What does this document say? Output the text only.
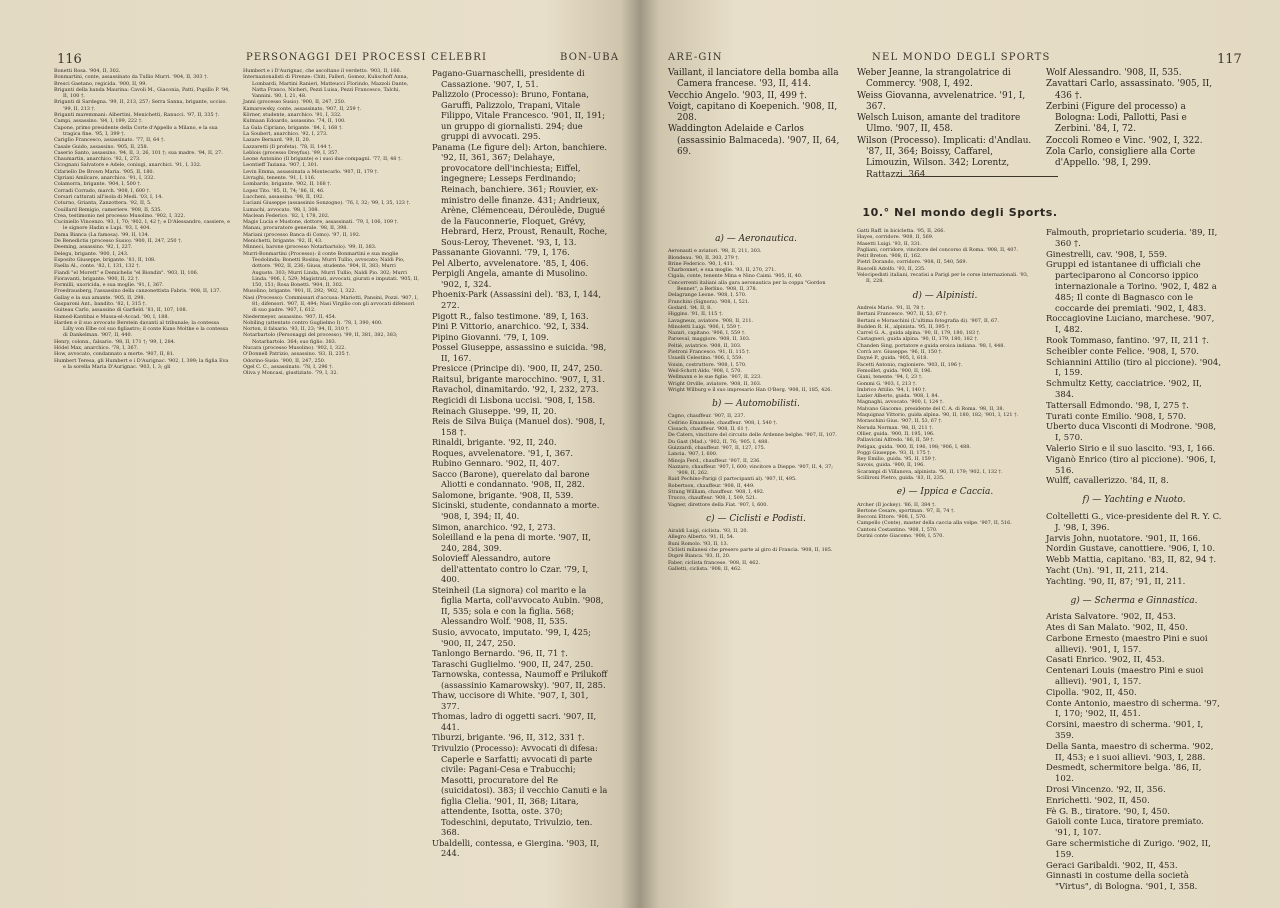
116	PERSONAGGI DEI PROCESSI CELEBRI	BON-UBA

Bonetti Rosa. '904, II, 302.

Bonmartini, conte, assassinato da Tullio Murri. '904, II, 303 †.

Bresci Gaetano, regicida. '900, II, 99.

Briganti della banda Maurina: Cavoli M., Giaconia, Patti, Pupillo P. '94, II, 100 †.

Briganti di Sardegna. '99, II, 213, 257; Serra Sanna, brigante, ucciso. '99, II, 213 †.

Briganti maremmani: Albertini, Menichetti, Ranucci. '97, II, 335 †.

Campi, assassino. '84, I, 199, 222 †.

Capone, primo presidente della Corte d'Appello a Milano, e la sua tragica fine. '95, I, 399 †.

Cariglio Francesco, assassinato. '77, II, 64 †.

Casale Guido, assassino. '905, II, 258.

Caserio Santo, assassino. '94, II, 3, 26, 101 †; sua madre. '94, II, 27.

Chaumartin, anarchico. '92, I, 273.

Cicognani Salvatore e Adele, coniugi, anarchici. '91, I, 332.

Cifariello De Brown Maria. '905, II, 180.

Cipriani Amilcare, anarchico. '91, I, 332.

Colamorra, brigante. '904, I, 500 †.

Corradi Corrado, march. '908, I, 600 †.

Corsari catturati all'isola di Medi. '03, I, 14.

Coturno, Grianta, Zanzottera. '92, II, 5.

Couillard Remigio, cameriere. '908, II, 535.

Crea, testimonio nel processo Musolino. '902, I, 322.

Cuciniello Vincenzo. '93, I, 70; '902, I, 42 †; e D'Alessandro, cassiere, e le signore Hadin e Lupi. '93, I, 404.

Dama Bianca (La famosa). '99, II, 134.

De Benedictis (processo Susio). '900, II, 247, 250 †.

Deeming, assassino. '92, I, 227.

Delegu, brigante. '900, I, 243.

Esposito Giuseppe, brigante. '81, II, 108.

Faella Al., conte. '82, I, 131, 132 †.

Fiandi "el Morett" e Demichelis "el Biondin". '903, II, 106.

Fioravanti, brigante. '900, II, 22 †.

Formilli, uxoricida, e sua moglie. '91, I, 367.

Froedrausberg, l'assassino della canzonettista Fabris. '908, II, 137.

Gallay e la sua amante. '905, II, 298.

Gasparoni Ant., bandito. '82, I, 315 †.

Guiteau Carlo, assassino di Garfield. '81, II, 107, 108.

Hamed-Kantibai e Mussa-el-Accad. '90, I, 188.

Harden e il suo avvocato Berstein davanti al tribunale; la contessa Lilly von Elbe col suo figliastro; il conte Kuno Moltke e la contessa di Dankelman. '907, II, 440.

Henry, colonn., falsario. '98, II, 171 †; '99, I, 284.

Hödel Max, anarchico. '78, I, 367.

How, avvocato, condannato a morte. '907, II, 81.

Humbert Teresa, gli Humbert e i D'Aurignac. '902, I, 399; la figlia Eva e la sorella Maria D'Aurignac. '903, I, 3; gli

Humbert e i D'Aurignac, che ascoltano il verdetto. '903, II, 166.

Internazionalisti di Firenze: Chiti, Falleri, Gomez, Kulischoff Anna, Lombardi, Martini Ranieri, Matteucci Florindo, Mazzoli Dante, Natta Franco, Nicheri, Pezzi Luisa, Pezzi Francesco, Talchi, Vannini. '80, I, 21, 48.

Janni (processo Susio). '900, II, 247, 250.

Kamarowsky, conte, assassinato. '907, II, 259 †.

Körner, studente, anarchico. '91, I, 332.

Kulmaan Edoardo, assassino. '74, II, 100.

La Gala Cipriano, brigante. '84, I, 168 †.

La Soubert, anarchico. '92, I, 273.

Lazare Bernard. '99, II, 20.

Lazzaretti (Il profeta). '78, II, 144 †.

Leblois (processo Dreyfus). '99, I, 357.

Leone Antonino (Il brigante) e i suoi due compagni. '77, II, 48 †.

Leontieff Taziana. '907, I, 301.

Levin Emma, assassinata a Montecarlo. '907, II, 179 †.

Livraghi, tenente. '91, I, 116.

Lombardo, brigante. '902, II, 168 †.

Lopez Tito. '85, II, 74; '86, II, 46.

Luccheni, assassino. '98, II, 192.

Luciani Giuseppe (assassinio Sonzogno). '76, I, 32; '99, I, 35, 123 †.

Lumachi, avvocato. '98, I, 308.

Maclean Federico. '82, I, 178, 202.

Magis Lucia e Mustone, dottore, assassinati. '79, I, 106, 109 †.

Manau, procuratore generale. '98, II, 398.

Mariani (processo Banca di Como). '97, II, 192.

Menichetti, brigante. '92, II, 43.

Minneci, barone (processo Notarbartolo). '99, II, 383.

Murri-Bonmartini (Processo): il conte Bonmartini e sua moglie Teodolinda; Bonetti Rosina; Murri Tullio, avvocato; Naldi Pio, dottore. '902, II, 236; Giuss, studente. '904, II, 383; Murri Augusto. 303; Murri Linda, Murri Tullio, Naldi Pio. 302; Murri Linda. '906, I, 529; Magistrati, avvocati, giurati e imputati. '905, II, 150, 151; Rosa Bonetti. '904, II, 302.

Musolino, brigante. '901, II, 292; '902, I, 322.

Nasi (Processo): Commissari d'accusa: Mariotti, Pansini, Pozzi. '907, I, 81; difensori. '907, II, 494; Nasi Virgilio con gli avvocati difensori di suo padre. '907, I, 612.

Niedermeyer, assassino. '907, II, 454.

Nobiling (attentato contro Guglielmo I). '78, I, 390, 400.

Norton, il falsario. '93, II, 23; '94, II, 310 †.

Notarbartolo (Personaggi del processo). '99, II, 381, 382, 383; Notarbartolo. 364; suo figlio. 383.

Nucara (processo Musolino). '902, I, 322.

O'Donnell Patrizio, assassino. '83, II, 235 †.

Odorino-Susio. '900, II, 247, 250.

Ogel C. C., assassinato. '78, I, 296 †.

Oliva y Moncasi, giustiziato. '79, I, 32.

Pagano-Guarnaschelli, presidente di Cassazione. '907, I, 51.

Palizzolo (Processo): Bruno, Fontana, Garuffi, Palizzolo, Trapani, Vitale Filippo, Vitale Francesco. '901, II, 191; un gruppo di giornalisti. 294; due gruppi di avvocati. 295.

Panama (Le figure del): Arton, banchiere. '92, II, 361, 367; Delahaye, provocatore dell'inchiesta; Eiffel, ingegnere; Lesseps Ferdinando; Reinach, banchiere. 361; Rouvier, ex-ministro delle finanze. 431; Andrieux, Arène, Clémenceau, Déroulède, Dugué de la Fauconnerie, Floquet, Grévy, Hebrard, Herz, Proust, Renault, Roche, Sous-Leroy, Thevenet. '93, I, 13.

Passanante Giovanni. '79, I, 176.

Pel Alberto, avvelenatore. '85, I, 406.

Perpigli Angela, amante di Musolino. '902, I, 324.

Phoenix-Park (Assassini del). '83, I, 144, 272.

Pigott R., falso testimone. '89, I, 163.

Pini P. Vittorio, anarchico. '92, I, 334.

Pipino Giovanni. '79, I, 109.

Possel Giuseppe, assassino e suicida. '98, II, 167.

Presicce (Principe di). '900, II, 247, 250.

Raitsul, brigante marocchino. '907, I, 31.

Ravachol, dinamitardo. '92, I, 232, 273.

Regicidi di Lisbona uccisi. '908, I, 158.

Reinach Giuseppe. '99, II, 20.

Reis de Silva Buiça (Manuel dos). '908, I, 158 †.

Rinaldi, brigante. '92, II, 240.

Roques, avvelenatore. '91, I, 367.

Rubino Gennaro. '902, II, 407.

Sacco (Barone), querelato dal barone Aliotti e condannato. '908, II, 282.

Salomone, brigante. '908, II, 539.

Sicinski, studente, condannato a morte. '908, I, 394; II, 40.

Simon, anarchico. '92, I, 273.

Soleilland e la pena di morte. '907, II, 240, 284, 309.

Solovieff Alessandro, autore dell'attentato contro lo Czar. '79, I, 400.

Steinheil (La signora) col marito e la figlia Marta, coll'avvocato Aubin. '908, II, 535; sola e con la figlia. 568; Alessandro Wolf. '908, II, 535.

Susio, avvocato, imputato. '99, I, 425; '900, II, 247, 250.

Tanlongo Bernardo. '96, II, 71 †.

Taraschi Guglielmo. '900, II, 247, 250.

Tarnowska, contessa, Naumoff e Prilukoff (assassinio Kamarowsky). '907, II, 285.

Thaw, uccisore di White. '907, I, 301, 377.

Thomas, ladro di oggetti sacri. '907, II, 441.

Tiburzi, brigante. '96, II, 312, 331 †.

Trivulzio (Processo): Avvocati di difesa: Caperle e Sarfatti; avvocati di parte civile: Pagani-Cesa e Trabucchi; Masotti, procuratore del Re (suicidatosi). 383; il vecchio Canuti e la figlia Clelia. '901, II, 368; Litara, attendente, Isotta, oste. 370; Todeschini, deputato, Trivulzio, ten. 368.

Ubaldelli, contessa, e Giergina. '903, II, 244.

ARE-GIN	NEL MONDO DEGLI SPORTS	117

Vaillant, il lanciatore della bomba alla Camera francese. '93, II, 414.

Vecchio Angelo. '903, II, 499 †.

Voigt, capitano di Koepenich. '908, II, 208.

Waddington Adelaide e Carlos (assassinio Balmaceda). '907, II, 64, 69.

Weber Jeanne, la strangolatrice di Commercy. '908, I, 492.

Weiss Giovanna, avvelenatrice. '91, I, 367.

Welsch Luison, amante del traditore Ulmo. '907, II, 458.

Wilson (Processo). Implicati: d'Andlau. '87, II, 364; Boissy, Caffarel, Limouzin, Wilson. 342; Lorentz, Rattazzi. 364.

Wolf Alessandro. '908, II, 535.

Zavattari Carlo, assassinato. '905, II, 436 †.

Zerbini (Figure del processo) a Bologna: Lodi, Pallotti, Pasi e Zerbini. '84, I, 72.

Zoccoli Romeo e Vinc. '902, I, 322.

Zola Carlo, consigliere alla Corte d'Appello. '98, I, 299.

10.° Nel mondo degli Sports.

a) — Aeronautica.

Aeronauti e aviatori. '98, II, 211, 303.

Blondeau. '90, II, 303, 279 †.

Brine Federico. '90, I, 411.

Charbonnet, e sua moglie. '93, II, 270, 271.

Cigala, conte, tenente Mina e Nino Caimi. '905, II, 40.

Concorrenti italiani alla gara aeronautica per la coppa "Gordon Bennet", a Berlino. '908, II, 378.

Delagrange Leone. '908, I, 570.

Franchini (Signora). '908, I, 521.

Godard. '84, II, 8.

Higgins. '91, II, 115 †.

Lavagneux, aviatore. '908, II, 211.

Minoletti Luigi. '906, I, 559 †.

Nazari, capitano. '906, I, 559 †.

Parseval, maggiore. '908, II, 303.

Peltié, aviatrice. '908, II, 303.

Pietroni Francesco. '91, II, 115 †.

Usuelli Celestino. '906, I, 559.

Voisin, costruttore. '908, I, 570.

Weil-Schott Aldo. '908, I, 570.

Wellmann e le sue figlie. '907, II, 223.

Wright Orville, aviatore. '908, II, 303.

Wright Wilburg e il suo impresario Han O'Berg. '908, II, 185, 426.

b) — Automobilisti.

Cagno, chauffeur. '907, II, 237.

Cedrino Emanuele, chauffeur. '908, I, 540 †.

Cissach, chauffeur. '908, II, 61 †.

De Caters, vincitore del circuito delle Ardenne belghe. '907, II, 107.

Du Gast (Mad.). '902, II, 76; '905, I, 488.

Guizzardi, chauffeur. '907, II, 127, 175.

Lancia. '907, I, 600.

Minoja Ferd., chauffeur. '907, II, 236.

Nazzaro, chauffeur. '907, I, 600; vincitore a Dieppe. '907, II, 4, 37; '908, II, 262.

Raid Pechino-Parigi (I partecipanti al). '907, II, 495.

Robertson, chauffeur. '908, II, 449.

Strang William, chauffeur. '908, I, 492.

Trucco, chauffeur. '908, I, 509, 521.

Vagner, direttore della Fiat. '907, I, 600.

c) — Ciclisti e Podisti.

Airaldi Luigi, ciclista. '93, II, 20.

Allegro Alberto. '91, II, 54.

Buni Romolo. '93, II, 13.

Ciclisti milanesi che presero parte al giro di Francia. '908, II, 185.

Dupré Bianca. '93, II, 20.

Faber, ciclista francese. '908, II, 462.

Galletti, ciclista. '908, II, 462.

Gatti Raff. in bicicletta. '95, II, 266.

Hayes, corridore. '908, II, 569.

Masetti Luigi. '93, II, 331.

Pagliani, corridore, vincitore del concorso di Roma. '908, II, 407.

Petit Breton. '908, II, 162.

Pietri Dorando, corridore. '908, II, 540, 569.

Ruscelli Adolfo. '93, II, 235.

Velocipedisti italiani, recatisi a Parigi per le corse internazionali. '93, II, 228.

d) — Alpinisti.

Andreis Mario. '91, II, 78 †.

Bertani Francesco. '907, II, 53, 67 †.

Bertani e Moraschini (L'ultima fotografia di). '907, II, 67.

Budden R. H., alpinista. '95, II, 395 †.

Carrel G. A., guida alpina. '90, II, 179, 180, 183 †.

Castagneri, guida alpina. '90, II, 179, 180, 182 †.

Chanden Sing, portatore e guida eroica indiana. '98, I, 448.

Corrà avv. Giuseppe. '96, II, 150 †.

Dayné P., guida. '905, I, 618.

Facetti Antonio, ragioniere. '903, II, 196 †.

Femoillet, guida. '900, II, 196.

Giani, tenente. '94, I, 23 †.

Gommi G. '903, I, 213 †.

Imbrico Attilio. '94, I, 140 †.

Lazier Alberto, guida. '908, I, 84.

Magnaghi, avvocato. '900, I, 124 †.

Malvano Giacomo, presidente del C. A. di Roma. '98, II, 38.

Maquignaz Vittorio, guida alpina. '90, II, 180, 182; '901, I, 121 †.

Moraschini Gius. '907, II, 53, 67 †.

Neruda Norman. '98, II, 211 †.

Ollier, guida. '900, II, 195, 196.

Pallavicini Alfredo. '86, II, 59 †.

Petigax, guida. '900, II, 196, 198; '906, I, 488.

Poggi Giuseppe. '93, II, 175 †.

Rey Emilio, guida. '95, II, 159 †.

Savois, guida. '900, II, 196.

Scarampi di Villanova, alpinista. '90, II, 179; '902, I, 132 †.

Scillironi Pietro, guida. '83, II, 235.

e) — Ippica e Caccia.

Archer (Il jockey). '86, II, 384 †.

Bertone Cesare, sportman. '97, II, 74 †.

Bocconi Ettore. '908, I, 570.

Campello (Conte), master della caccia alla volpe. '907, II, 516.

Cantoni Costantino. '908, I, 570.

Durini conte Giacomo. '908, I, 570.

Falmouth, proprietario scuderia. '89, II, 360 †.

Ginestrelli, cav. '908, I, 559.

Gruppi ed istantanee di ufficiali che parteciparono al Concorso ippico internazionale a Torino. '902, I, 482 a 485; Il conte di Bagnasco con le coccarde dei premiati. '902, I, 483.

Roccagiovine Luciano, marchese. '907, I, 482.

Rook Tommaso, fantino. '97, II, 211 †.

Scheibler conte Felice. '908, I, 570.

Schiannini Attilio (tiro al piccione). '904, I, 159.

Schmultz Ketty, cacciatrice. '902, II, 384.

Tattersall Edmondo. '98, I, 275 †.

Turati conte Emilio. '908, I, 570.

Uberto duca Visconti di Modrone. '908, I, 570.

Valerio Sirio e il suo lascito. '93, I, 166.

Viganò Enrico (tiro al piccione). '906, I, 516.

Wulff, cavallerizzo. '84, II, 8.

f) — Yachting e Nuoto.

Coltelletti G., vice-presidente del R. Y. C. J. '98, I, 396.

Jarvis John, nuotatore. '901, II, 166.

Nordin Gustave, canottiere. '906, I, 10.

Webb Mattia, capitano. '83, II, 82, 94 †.

Yacht (Un). '91, II, 211, 214.

Yachting. '90, II, 87; '91, II, 211.

g) — Scherma e Ginnastica.

Arista Salvatore. '902, II, 453.

Ates di San Malato. '902, II, 450.

Carbone Ernesto (maestro Pini e suoi allievi). '901, I, 157.

Casati Enrico. '902, II, 453.

Centenari Louis (maestro Pini e suoi allievi). '901, I, 157.

Cipolla. '902, II, 450.

Conte Antonio, maestro di scherma. '97, I, 170; '902, II, 451.

Corsini, maestro di scherma. '901, I, 359.

Della Santa, maestro di scherma. '902, II, 453; e i suoi allievi. '903, I, 288.

Desmedt, schermitore belga. '86, II, 102.

Drosi Vincenzo. '92, II, 356.

Enrichetti. '902, II, 450.

Fè G. B., tiratore. '90, I, 450.

Gaioli conte Luca, tiratore premiato. '91, I, 107.

Gare schermistiche di Zurigo. '902, II, 159.

Geraci Garibaldi. '902, II, 453.

Ginnasti in costume della società "Virtus", di Bologna. '901, I, 358.
